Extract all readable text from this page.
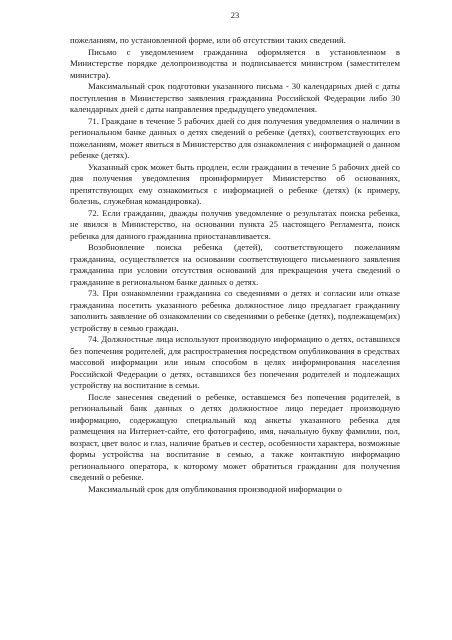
23

пожеланиям, по установленной форме, или об отсутствии таких сведений.

Письмо с уведомлением гражданина оформляется в установленном в Министерстве порядке делопроизводства и подписывается министром (заместителем министра).

Максимальный срок подготовки указанного письма - 30 календарных дней с даты поступления в Министерство заявления гражданина Российской Федерации либо 30 календарных дней с даты направления предыдущего уведомления.

71. Граждане в течение 5 рабочих дней со дня получения уведомления о наличии в региональном банке данных о детях сведений о ребенке (детях), соответствующих его пожеланиям, может явиться в Министерство для ознакомления с информацией о данном ребенке (детях).

Указанный срок может быть продлен, если гражданин в течение 5 рабочих дней со дня получения уведомления проинформирует Министерство об основаниях, препятствующих ему ознакомиться с информацией о ребенке (детях) (к примеру, болезнь, служебная командировка).

72. Если гражданин, дважды получив уведомление о результатах поиска ребенка, не явился в Министерство, на основании пункта 25 настоящего Регламента, поиск ребенка для данного гражданина приостанавливается.

Возобновление поиска ребенка (детей), соответствующего пожеланиям гражданина, осуществляется на основании соответствующего письменного заявления гражданина при условии отсутствия оснований для прекращения учета сведений о гражданине в региональном банке данных о детях.

73. При ознакомлении гражданина со сведениями о детях и согласии или отказе гражданина посетить указанного ребенка должностное лицо предлагает гражданину заполнить заявление об ознакомлении со сведениями о ребенке (детях), подлежащем(их) устройству в семью граждан.

74. Должностные лица используют производную информацию о детях, оставшихся без попечения родителей, для распространения посредством опубликования в средствах массовой информации или иным способом в целях информирования населения Российской Федерации о детях, оставшихся без попечения родителей и подлежащих устройству на воспитание в семьи.

После занесения сведений о ребенке, оставшемся без попечения родителей, в региональный банк данных о детях должностное лицо передает производную информацию, содержащую специальный код анкеты указанного ребенка для размещения на Интернет-сайте, его фотографию, имя, начальную букву фамилии, пол, возраст, цвет волос и глаз, наличие братьев и сестер, особенности характера, возможные формы устройства на воспитание в семью, а также контактную информацию регионального оператора, к которому может обратиться гражданин для получения сведений о ребенке.

Максимальный срок для опубликования производной информации о
